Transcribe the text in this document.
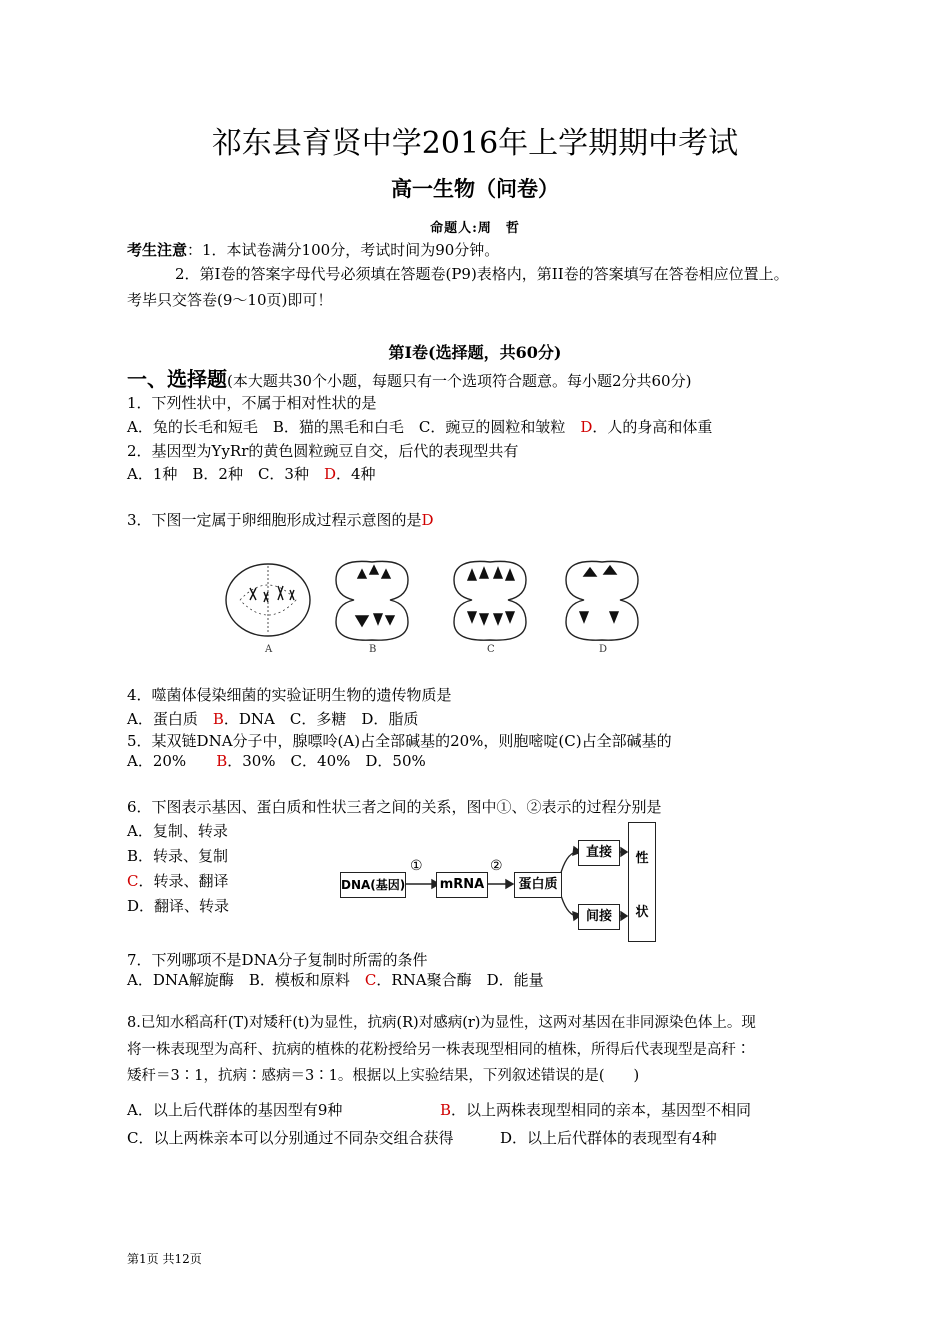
祁东县育贤中学2016年上学期期中考试
高一生物（问卷）
命题人:周　哲
考生注意：1．本试卷满分100分，考试时间为90分钟。
2．第Ⅰ卷的答案字母代号必须填在答题卷(P9)表格内，第II卷的答案填写在答卷相应位置上。
考毕只交答卷(9～10页)即可！
第Ⅰ卷(选择题，共60分)
一、选择题(本大题共30个小题，每题只有一个选项符合题意。每小题2分共60分)
1．下列性状中，不属于相对性状的是
A．兔的长毛和短毛　B．猫的黑毛和白毛　C．豌豆的圆粒和皱粒　D．人的身高和体重
2．基因型为YyRr的黄色圆粒豌豆自交，后代的表现型共有
A．1种　B．2种　C．3种　D．4种
3．下图一定属于卵细胞形成过程示意图的是D
A	B	C	D
4．噬菌体侵染细菌的实验证明生物的遗传物质是
A．蛋白质　B．DNA　C．多糖　D．脂质
5．某双链DNA分子中，腺嘌呤(A)占全部碱基的20%，则胞嘧啶(C)占全部碱基的
A．20%　　B．30%　C．40%　D．50%
6．下图表示基因、蛋白质和性状三者之间的关系，图中①、②表示的过程分别是
A．复制、转录
B．转录、复制
C．转录、翻译
D．翻译、转录
DNA(基因)
①
mRNA
②
蛋白质
直接
间接
性
状
7．下列哪项不是DNA分子复制时所需的条件
A．DNA解旋酶　B．模板和原料　C．RNA聚合酶　D．能量
8.已知水稻高秆(T)对矮秆(t)为显性，抗病(R)对感病(r)为显性，这两对基因在非同源染色体上。现
将一株表现型为高秆、抗病的植株的花粉授给另一株表现型相同的植株，所得后代表现型是高秆∶
矮秆＝3∶1，抗病∶感病＝3∶1。根据以上实验结果，下列叙述错误的是(　　)
A．以上后代群体的基因型有9种	B．以上两株表现型相同的亲本，基因型不相同
C．以上两株亲本可以分别通过不同杂交组合获得	D．以上后代群体的表现型有4种
第1页 共12页
